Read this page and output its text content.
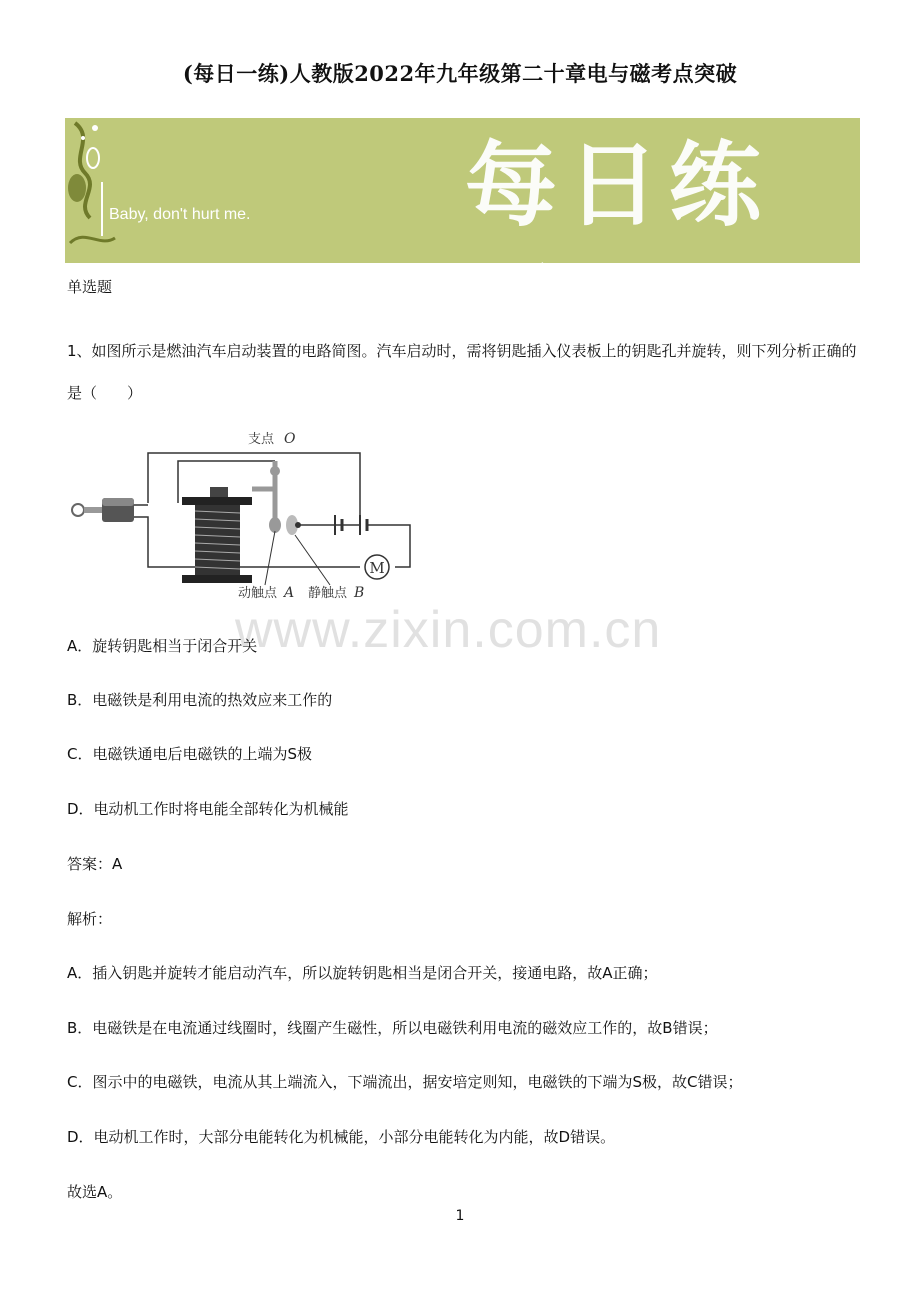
(每日一练)人教版2022年九年级第二十章电与磁考点突破
Baby, don't hurt me. 每日练习
单选题
1、如图所示是燃油汽车启动装置的电路简图。汽车启动时，需将钥匙插入仪表板上的钥匙孔并旋转，则下列分析正确的是（　　）
M
支点 O
动触点 A 静触点 B
www.zixin.com.cn
A．旋转钥匙相当于闭合开关
B．电磁铁是利用电流的热效应来工作的
C．电磁铁通电后电磁铁的上端为S极
D．电动机工作时将电能全部转化为机械能
答案：A
解析：
A．插入钥匙并旋转才能启动汽车，所以旋转钥匙相当是闭合开关，接通电路，故A正确；
B．电磁铁是在电流通过线圈时，线圈产生磁性，所以电磁铁利用电流的磁效应工作的，故B错误；
C．图示中的电磁铁，电流从其上端流入，下端流出，据安培定则知，电磁铁的下端为S极，故C错误；
D．电动机工作时，大部分电能转化为机械能，小部分电能转化为内能，故D错误。
故选A。
1
